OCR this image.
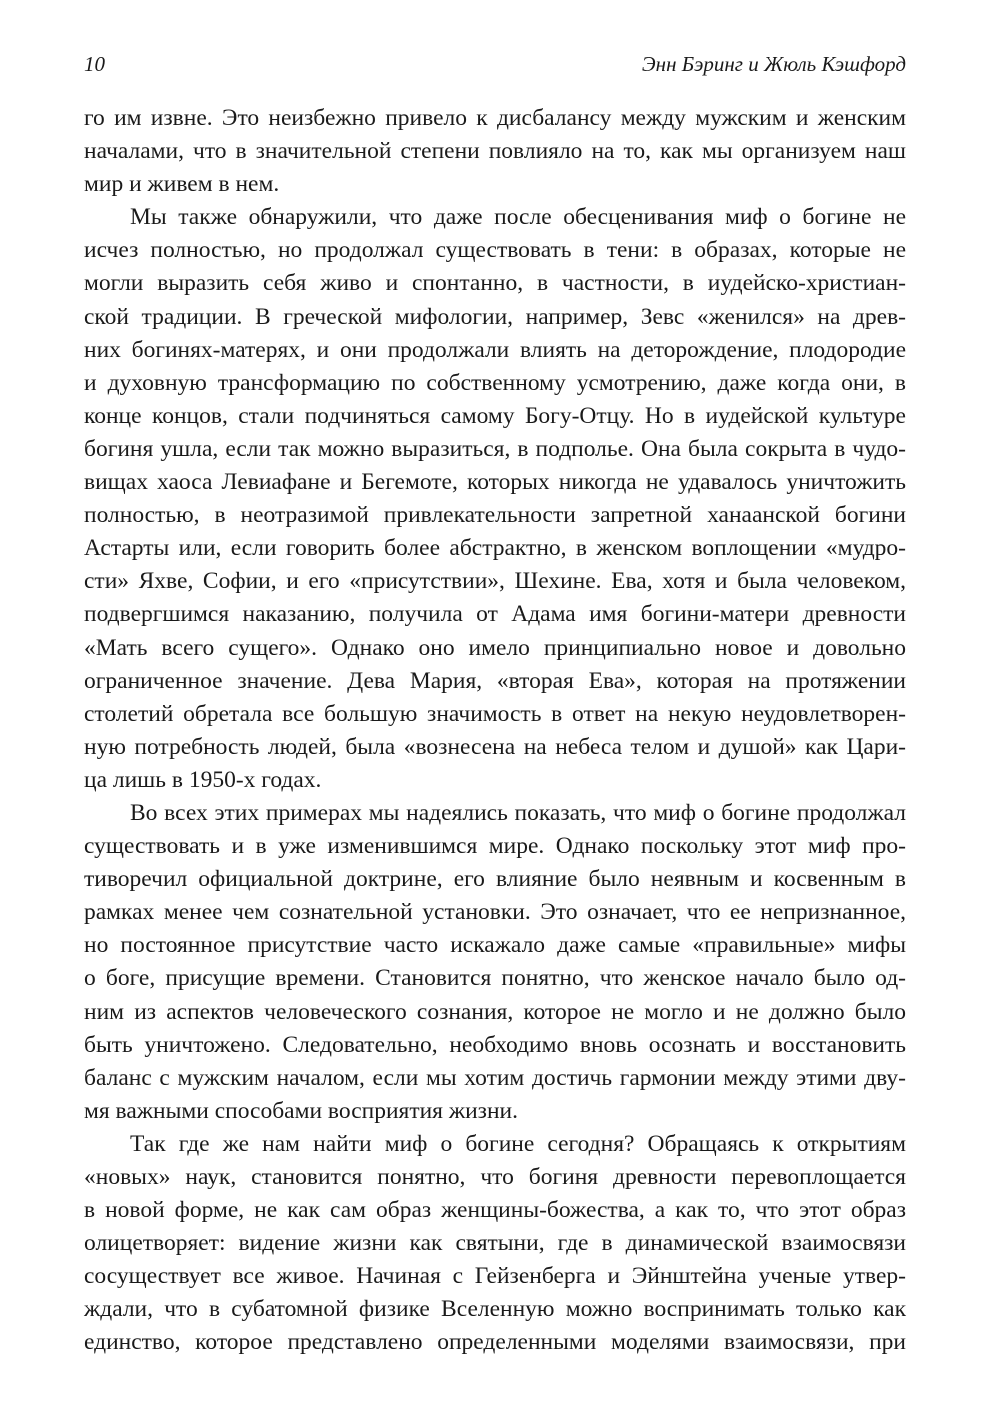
10	Энн Бэринг и Жюль Кэшфорд
го им извне. Это неизбежно привело к дисбалансу между мужским и женским
началами, что в значительной степени повлияло на то, как мы организуем наш
мир и живем в нем.
Мы также обнаружили, что даже после обесценивания миф о богине не
исчез полностью, но продолжал существовать в тени: в образах, которые не
могли выразить себя живо и спонтанно, в частности, в иудейско-христиан-
ской традиции. В греческой мифологии, например, Зевс «женился» на древ-
них богинях-матерях, и они продолжали влиять на деторождение, плодородие
и духовную трансформацию по собственному усмотрению, даже когда они, в
конце концов, стали подчиняться самому Богу-Отцу. Но в иудейской культуре
богиня ушла, если так можно выразиться, в подполье. Она была сокрыта в чудо-
вищах хаоса Левиафане и Бегемоте, которых никогда не удавалось уничтожить
полностью, в неотразимой привлекательности запретной ханаанской богини
Астарты или, если говорить более абстрактно, в женском воплощении «мудро-
сти» Яхве, Софии, и его «присутствии», Шехине. Ева, хотя и была человеком,
подвергшимся наказанию, получила от Адама имя богини-матери древности
«Мать всего сущего». Однако оно имело принципиально новое и довольно
ограниченное значение. Дева Мария, «вторая Ева», которая на протяжении
столетий обретала все большую значимость в ответ на некую неудовлетворен-
ную потребность людей, была «вознесена на небеса телом и душой» как Цари-
ца лишь в 1950-х годах.
Во всех этих примерах мы надеялись показать, что миф о богине продолжал
существовать и в уже изменившимся мире. Однако поскольку этот миф про-
тиворечил официальной доктрине, его влияние было неявным и косвенным в
рамках менее чем сознательной установки. Это означает, что ее непризнанное,
но постоянное присутствие часто искажало даже самые «правильные» мифы
о боге, присущие времени. Становится понятно, что женское начало было од-
ним из аспектов человеческого сознания, которое не могло и не должно было
быть уничтожено. Следовательно, необходимо вновь осознать и восстановить
баланс с мужским началом, если мы хотим достичь гармонии между этими дву-
мя важными способами восприятия жизни.
Так где же нам найти миф о богине сегодня? Обращаясь к открытиям
«новых» наук, становится понятно, что богиня древности перевоплощается
в новой форме, не как сам образ женщины-божества, а как то, что этот образ
олицетворяет: видение жизни как святыни, где в динамической взаимосвязи
сосуществует все живое. Начиная с Гейзенберга и Эйнштейна ученые утвер-
ждали, что в субатомной физике Вселенную можно воспринимать только как
единство, которое представлено определенными моделями взаимосвязи, при
